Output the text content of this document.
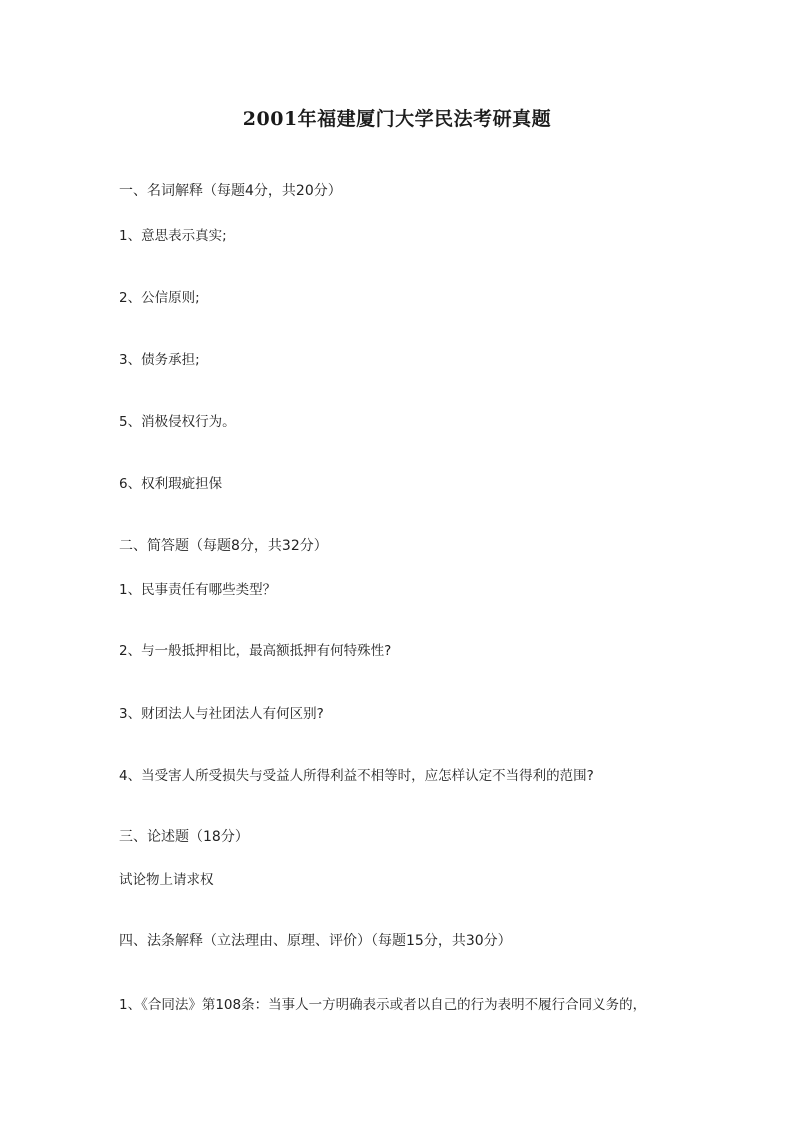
2001年福建厦门大学民法考研真题
一、名词解释（每题4分，共20分）
1、意思表示真实;
2、公信原则;
3、债务承担;
5、消极侵权行为。
6、权利瑕疵担保
二、简答题（每题8分，共32分）
1、民事责任有哪些类型？
2、与一般抵押相比，最高额抵押有何特殊性?
3、财团法人与社团法人有何区别?
4、当受害人所受损失与受益人所得利益不相等时，应怎样认定不当得利的范围?
三、论述题（18分）
试论物上请求权
四、法条解释（立法理由、原理、评价）（每题15分，共30分）
1、《合同法》第108条：当事人一方明确表示或者以自己的行为表明不履行合同义务的，
